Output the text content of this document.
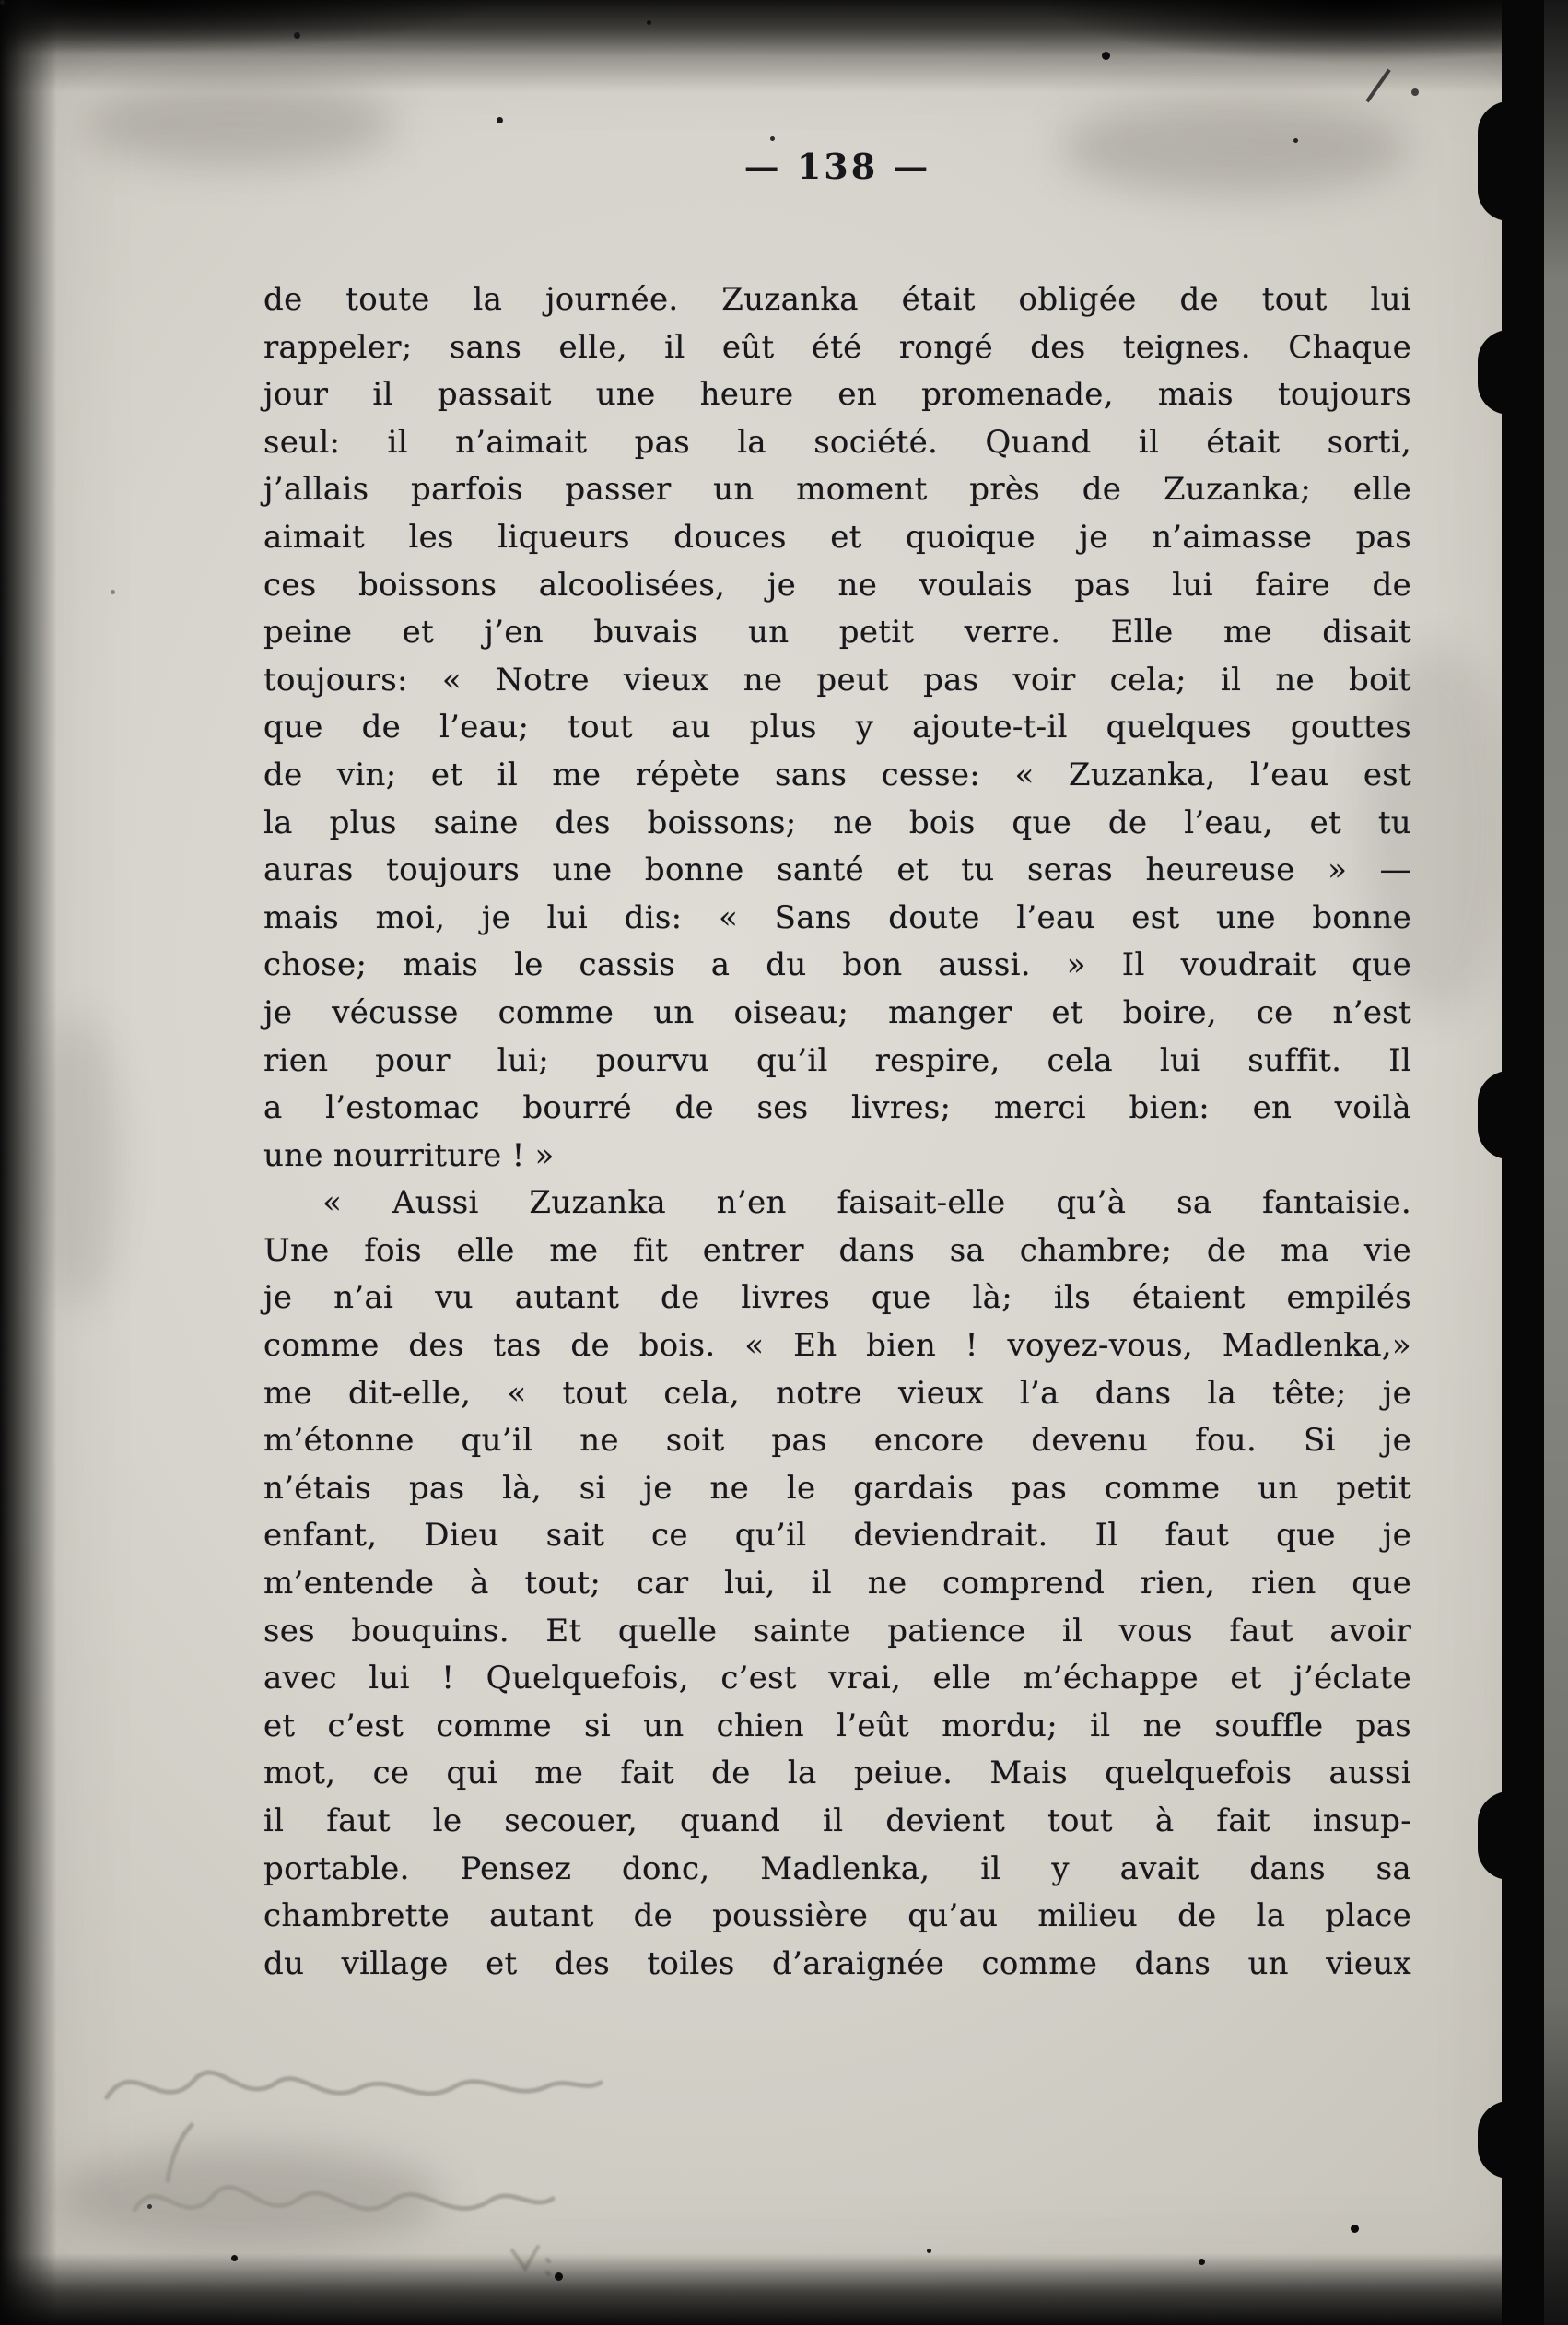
— 138 —
de toute la journée. Zuzanka était obligée de tout lui
rappeler; sans elle, il eût été rongé des teignes. Chaque
jour il passait une heure en promenade, mais toujours
seul: il n’aimait pas la société. Quand il était sorti,
j’allais parfois passer un moment près de Zuzanka; elle
aimait les liqueurs douces et quoique je n’aimasse pas
ces boissons alcoolisées, je ne voulais pas lui faire de
peine et j’en buvais un petit verre. Elle me disait
toujours: « Notre vieux ne peut pas voir cela; il ne boit
que de l’eau; tout au plus y ajoute-t-il quelques gouttes
de vin; et il me répète sans cesse: « Zuzanka, l’eau est
la plus saine des boissons; ne bois que de l’eau, et tu
auras toujours une bonne santé et tu seras heureuse » —
mais moi, je lui dis: « Sans doute l’eau est une bonne
chose; mais le cassis a du bon aussi. » Il voudrait que
je vécusse comme un oiseau; manger et boire, ce n’est
rien pour lui; pourvu qu’il respire, cela lui suffit. Il
a l’estomac bourré de ses livres; merci bien: en voilà
une nourriture ! »
« Aussi Zuzanka n’en faisait-elle qu’à sa fantaisie.
Une fois elle me fit entrer dans sa chambre; de ma vie
je n’ai vu autant de livres que là; ils étaient empilés
comme des tas de bois. « Eh bien ! voyez-vous, Madlenka,»
me dit-elle, « tout cela, notre vieux l’a dans la tête; je
m’étonne qu’il ne soit pas encore devenu fou. Si je
n’étais pas là, si je ne le gardais pas comme un petit
enfant, Dieu sait ce qu’il deviendrait. Il faut que je
m’entende à tout; car lui, il ne comprend rien, rien que
ses bouquins. Et quelle sainte patience il vous faut avoir
avec lui ! Quelquefois, c’est vrai, elle m’échappe et j’éclate
et c’est comme si un chien l’eût mordu; il ne souffle pas
mot, ce qui me fait de la peiue. Mais quelquefois aussi
il faut le secouer, quand il devient tout à fait insup-
portable. Pensez donc, Madlenka, il y avait dans sa
chambrette autant de poussière qu’au milieu de la place
du village et des toiles d’araignée comme dans un vieux
